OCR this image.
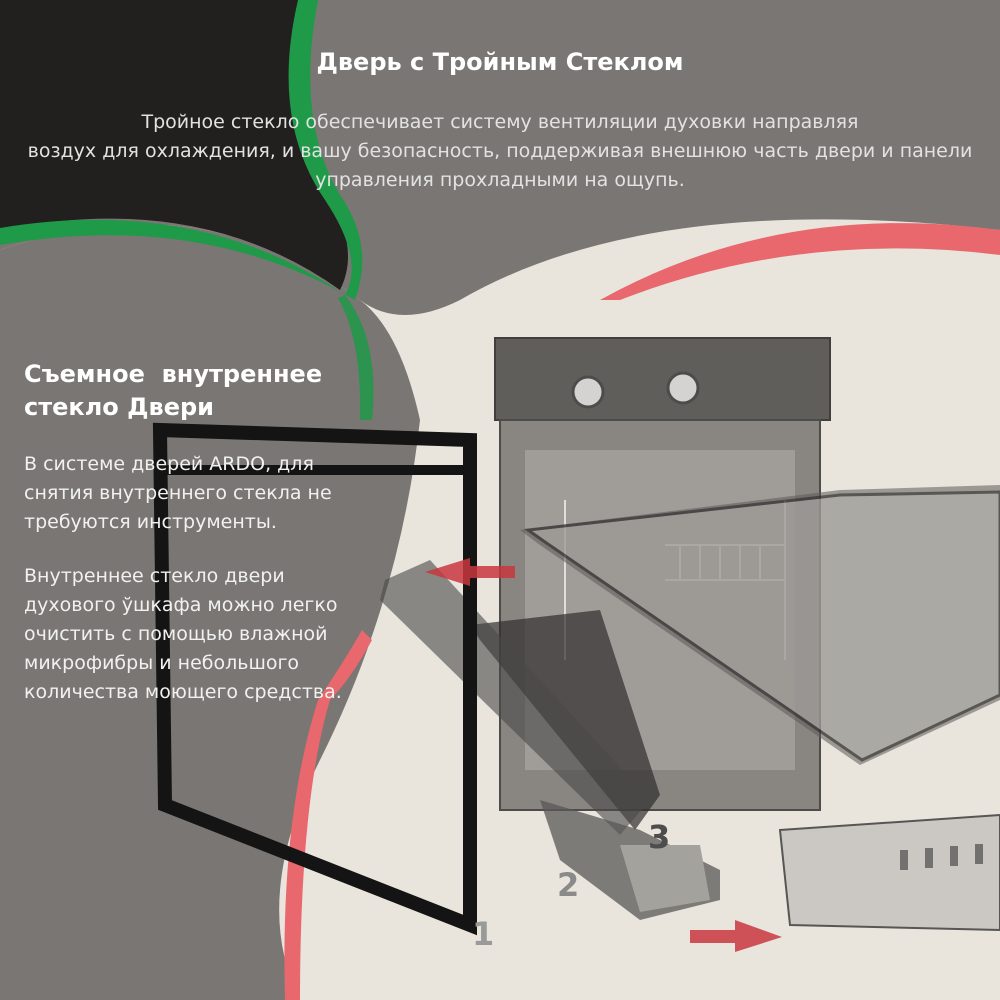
Дверь с Тройным Стеклом

Тройное стекло обеспечивает систему вентиляции духовки направляя
воздух для охлаждения, и вашу безопасность, поддерживая внешнюю часть двери и панели
управления прохладными на ощупь.

Съемное  внутреннее
стекло Двери

В системе дверей ARDO, для
снятия внутреннего стекла не
требуются инструменты.

Внутреннее стекло двери
духового ўшкафа можно легко
очистить с помощью влажной
микрофибры и небольшого
количества моющего средства.

1
2
3
